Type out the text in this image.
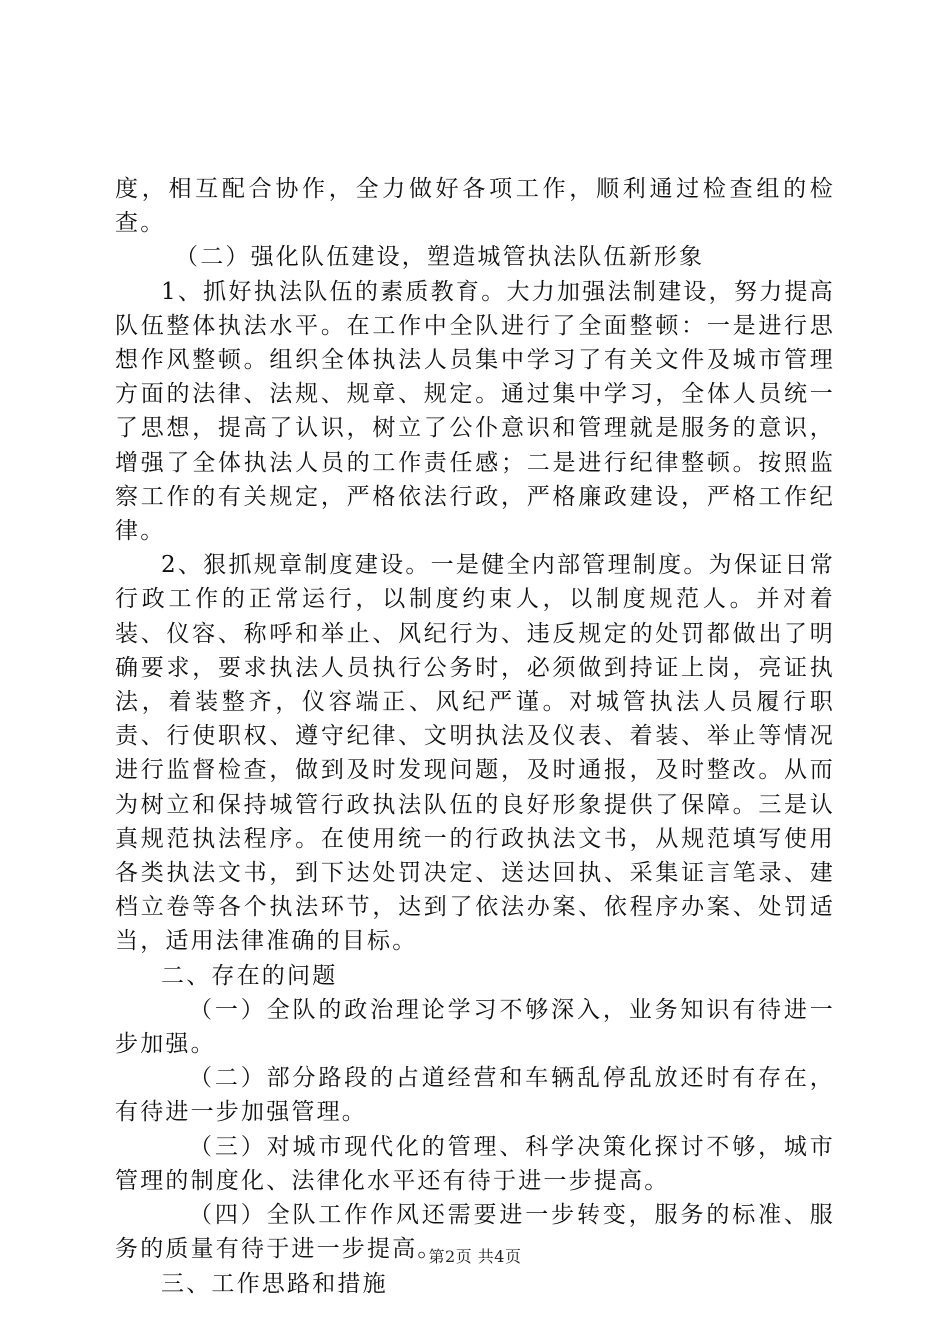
度，相互配合协作，全力做好各项工作，顺利通过检查组的检查。

（二）强化队伍建设，塑造城管执法队伍新形象

1、抓好执法队伍的素质教育。大力加强法制建设，努力提高队伍整体执法水平。在工作中全队进行了全面整顿：一是进行思想作风整顿。组织全体执法人员集中学习了有关文件及城市管理方面的法律、法规、规章、规定。通过集中学习，全体人员统一了思想，提高了认识，树立了公仆意识和管理就是服务的意识，增强了全体执法人员的工作责任感；二是进行纪律整顿。按照监察工作的有关规定，严格依法行政，严格廉政建设，严格工作纪律。

2、狠抓规章制度建设。一是健全内部管理制度。为保证日常行政工作的正常运行，以制度约束人，以制度规范人。并对着装、仪容、称呼和举止、风纪行为、违反规定的处罚都做出了明确要求，要求执法人员执行公务时，必须做到持证上岗，亮证执法，着装整齐，仪容端正、风纪严谨。对城管执法人员履行职责、行使职权、遵守纪律、文明执法及仪表、着装、举止等情况进行监督检查，做到及时发现问题，及时通报，及时整改。从而为树立和保持城管行政执法队伍的良好形象提供了保障。三是认真规范执法程序。在使用统一的行政执法文书，从规范填写使用各类执法文书，到下达处罚决定、送达回执、采集证言笔录、建档立卷等各个执法环节，达到了依法办案、依程序办案、处罚适当，适用法律准确的目标。

二、存在的问题

（一）全队的政治理论学习不够深入，业务知识有待进一步加强。

（二）部分路段的占道经营和车辆乱停乱放还时有存在，有待进一步加强管理。

（三）对城市现代化的管理、科学决策化探讨不够，城市管理的制度化、法律化水平还有待于进一步提高。

（四）全队工作作风还需要进一步转变，服务的标准、服务的质量有待于进一步提高。

三、工作思路和措施

第2页 共4页
